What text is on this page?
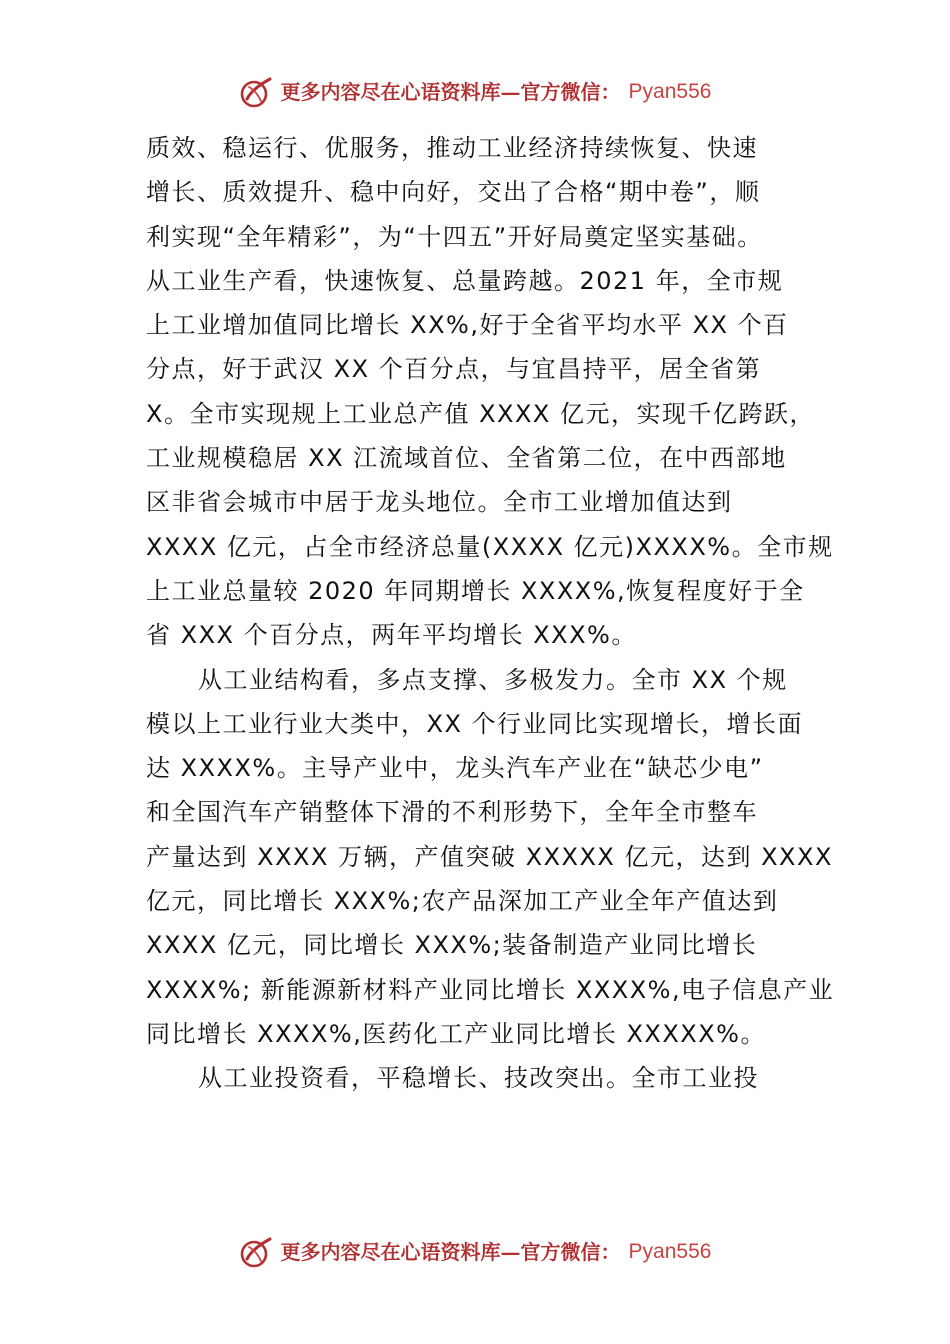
更多内容尽在心语资料库—官方微信： Pyan556
质效、稳运行、优服务，推动工业经济持续恢复、快速
增长、质效提升、稳中向好，交出了合格“期中卷”，顺
利实现“全年精彩”，为“十四五”开好局奠定坚实基础。
从工业生产看，快速恢复、总量跨越。2021 年，全市规
上工业增加值同比增长 XX%,好于全省平均水平 XX 个百
分点，好于武汉 XX 个百分点，与宜昌持平，居全省第
X。全市实现规上工业总产值 XXXX 亿元，实现千亿跨跃，
工业规模稳居 XX 江流域首位、全省第二位，在中西部地
区非省会城市中居于龙头地位。全市工业增加值达到
XXXX 亿元，占全市经济总量(XXXX 亿元)XXXX%。全市规
上工业总量较 2020 年同期增长 XXXX%,恢复程度好于全
省 XXX 个百分点，两年平均增长 XXX%。
从工业结构看，多点支撑、多极发力。全市 XX 个规
模以上工业行业大类中，XX 个行业同比实现增长，增长面
达 XXXX%。主导产业中，龙头汽车产业在“缺芯少电”
和全国汽车产销整体下滑的不利形势下，全年全市整车
产量达到 XXXX 万辆，产值突破 XXXXX 亿元，达到 XXXX
亿元，同比增长 XXX%;农产品深加工产业全年产值达到
XXXX 亿元，同比增长 XXX%;装备制造产业同比增长
XXXX%; 新能源新材料产业同比增长 XXXX%,电子信息产业
同比增长 XXXX%,医药化工产业同比增长 XXXXX%。
从工业投资看，平稳增长、技改突出。全市工业投
更多内容尽在心语资料库—官方微信： Pyan556
